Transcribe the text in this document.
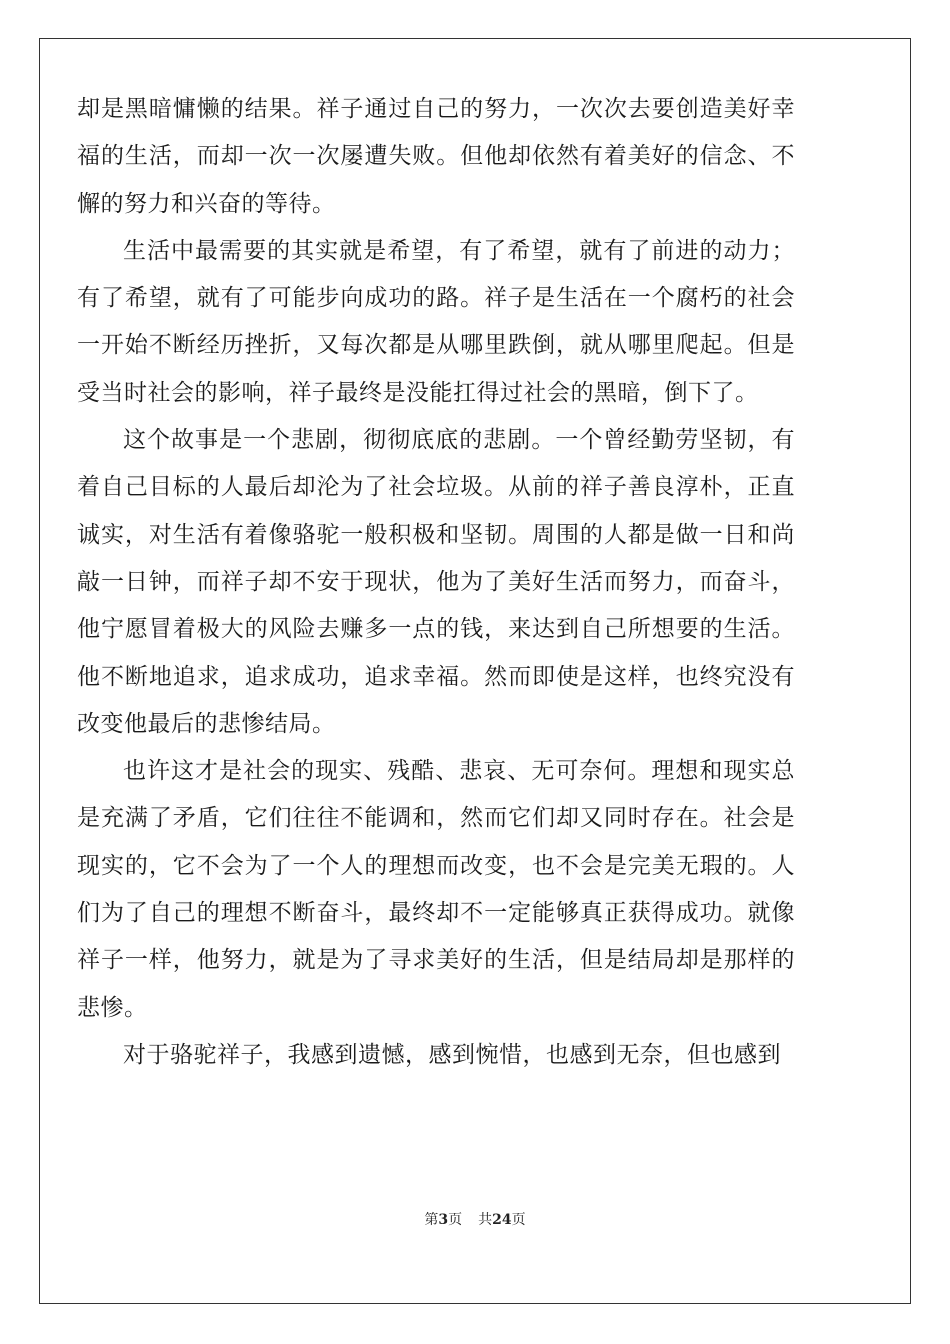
却是黑暗慵懒的结果。祥子通过自己的努力，一次次去要创造美好幸福的生活，而却一次一次屡遭失败。但他却依然有着美好的信念、不懈的努力和兴奋的等待。

生活中最需要的其实就是希望，有了希望，就有了前进的动力；有了希望，就有了可能步向成功的路。祥子是生活在一个腐朽的社会一开始不断经历挫折，又每次都是从哪里跌倒，就从哪里爬起。但是受当时社会的影响，祥子最终是没能扛得过社会的黑暗，倒下了。

这个故事是一个悲剧，彻彻底底的悲剧。一个曾经勤劳坚韧，有着自己目标的人最后却沦为了社会垃圾。从前的祥子善良淳朴，正直诚实，对生活有着像骆驼一般积极和坚韧。周围的人都是做一日和尚敲一日钟，而祥子却不安于现状，他为了美好生活而努力，而奋斗，他宁愿冒着极大的风险去赚多一点的钱，来达到自己所想要的生活。他不断地追求，追求成功，追求幸福。然而即使是这样，也终究没有改变他最后的悲惨结局。

也许这才是社会的现实、残酷、悲哀、无可奈何。理想和现实总是充满了矛盾，它们往往不能调和，然而它们却又同时存在。社会是现实的，它不会为了一个人的理想而改变，也不会是完美无瑕的。人们为了自己的理想不断奋斗，最终却不一定能够真正获得成功。就像祥子一样，他努力，就是为了寻求美好的生活，但是结局却是那样的悲惨。

对于骆驼祥子，我感到遗憾，感到惋惜，也感到无奈，但也感到

第3页 共24页
